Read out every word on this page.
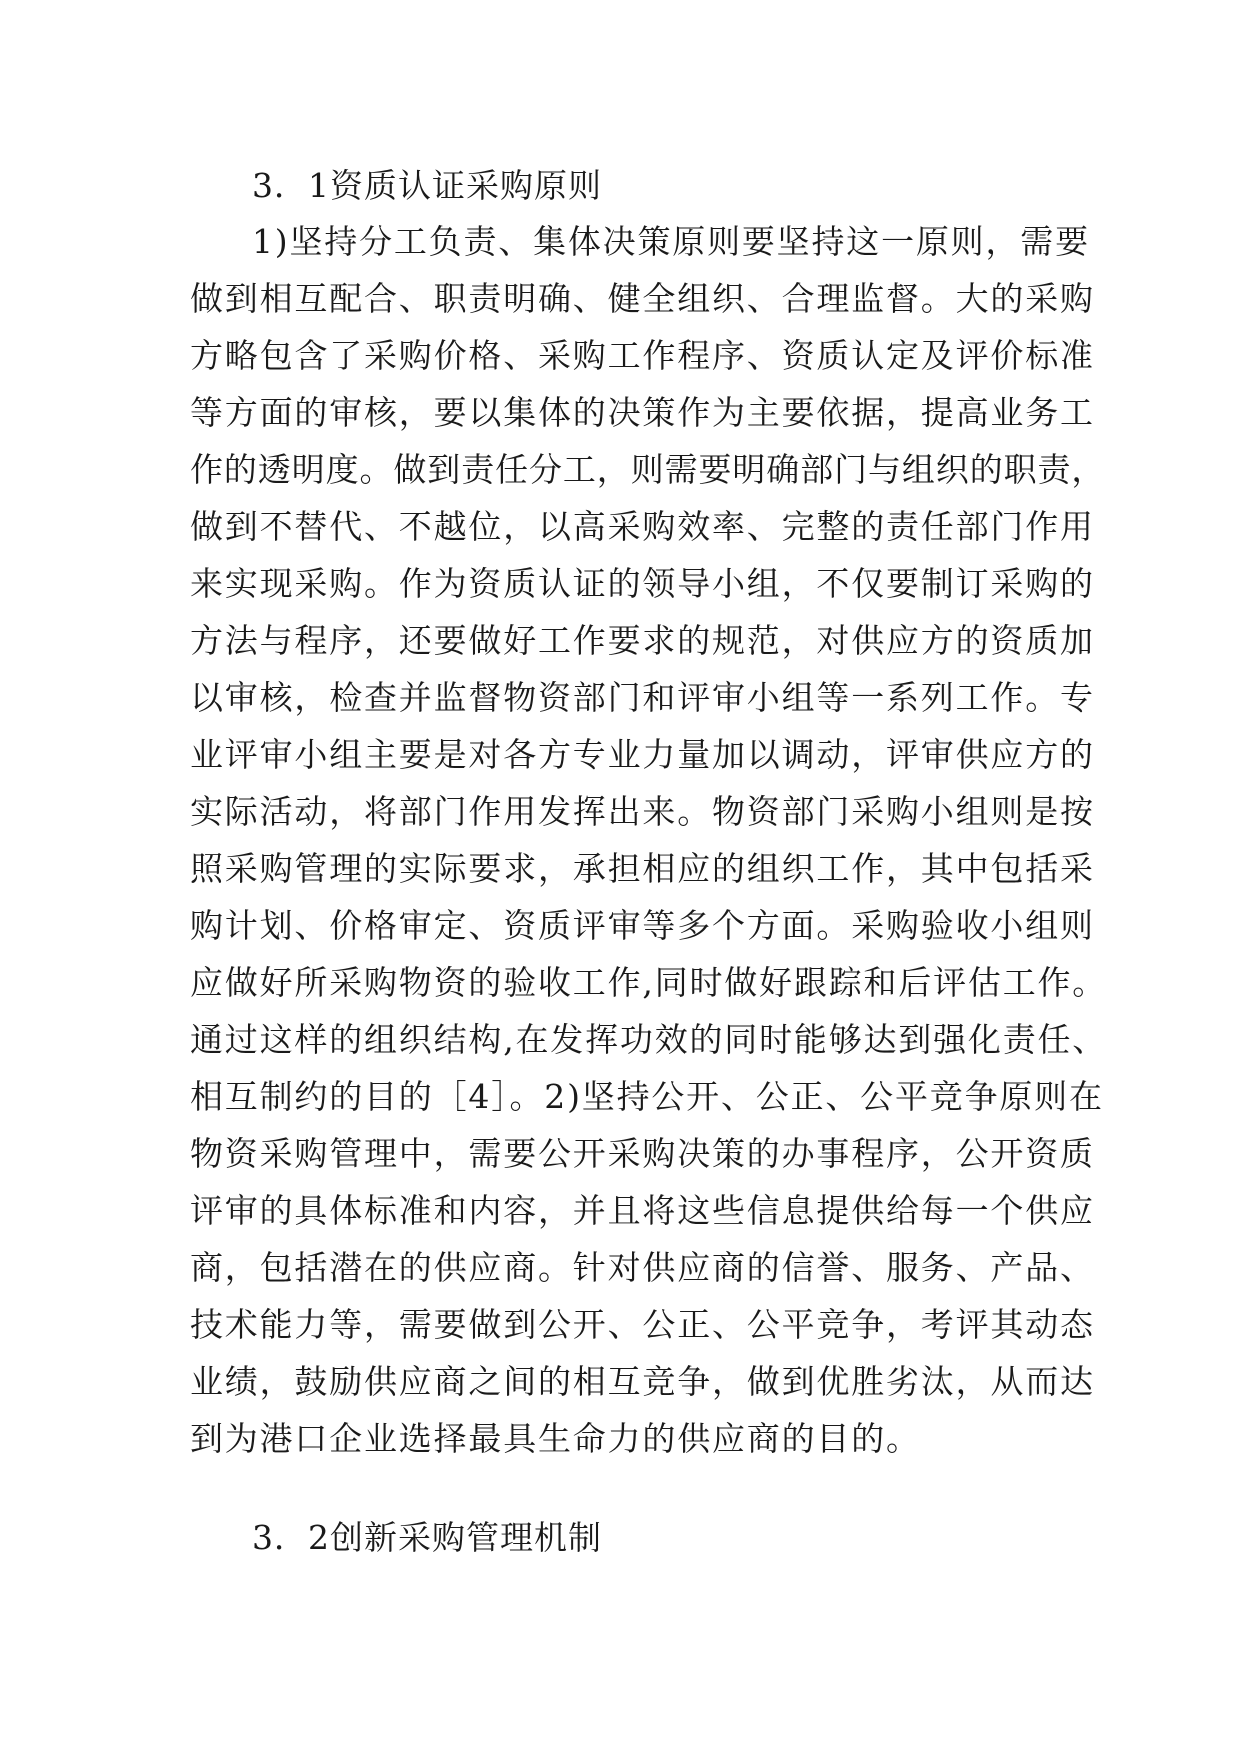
3．1资质认证采购原则
1)坚持分工负责、集体决策原则要坚持这一原则，需要
做到相互配合、职责明确、健全组织、合理监督。大的采购
方略包含了采购价格、采购工作程序、资质认定及评价标准
等方面的审核，要以集体的决策作为主要依据，提高业务工
作的透明度。做到责任分工，则需要明确部门与组织的职责，
做到不替代、不越位，以高采购效率、完整的责任部门作用
来实现采购。作为资质认证的领导小组，不仅要制订采购的
方法与程序，还要做好工作要求的规范，对供应方的资质加
以审核，检查并监督物资部门和评审小组等一系列工作。专
业评审小组主要是对各方专业力量加以调动，评审供应方的
实际活动，将部门作用发挥出来。物资部门采购小组则是按
照采购管理的实际要求，承担相应的组织工作，其中包括采
购计划、价格审定、资质评审等多个方面。采购验收小组则
应做好所采购物资的验收工作,同时做好跟踪和后评估工作。
通过这样的组织结构,在发挥功效的同时能够达到强化责任、
相互制约的目的［4］。2)坚持公开、公正、公平竞争原则在
物资采购管理中，需要公开采购决策的办事程序，公开资质
评审的具体标准和内容，并且将这些信息提供给每一个供应
商，包括潜在的供应商。针对供应商的信誉、服务、产品、
技术能力等，需要做到公开、公正、公平竞争，考评其动态
业绩，鼓励供应商之间的相互竞争，做到优胜劣汰，从而达
到为港口企业选择最具生命力的供应商的目的。
3．2创新采购管理机制
